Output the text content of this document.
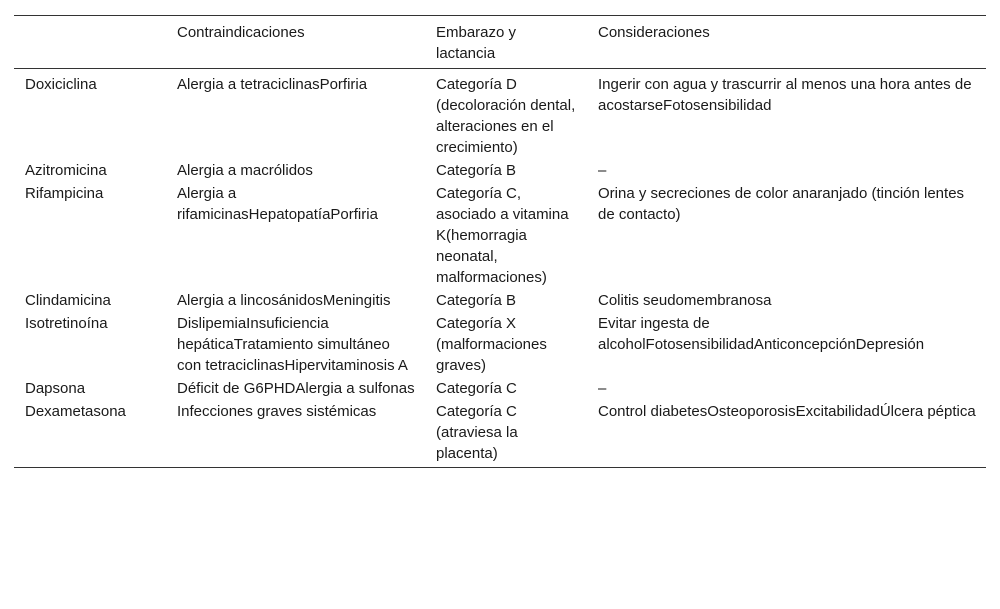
	Contraindicaciones	Embarazo y lactancia	Consideraciones
Doxiciclina	Alergia a tetraciclinasPorfiria	Categoría D (decoloración dental, alteraciones en el crecimiento)	Ingerir con agua y trascurrir al menos una hora antes de acostarseFotosensibilidad
Azitromicina	Alergia a macrólidos	Categoría B	–
Rifampicina	Alergia a rifamicinasHepatopatíaPorfiria	Categoría C, asociado a vitamina K(hemorragia neonatal, malformaciones)	Orina y secreciones de color anaranjado (tinción lentes de contacto)
Clindamicina	Alergia a lincosánidosMeningitis	Categoría B	Colitis seudomembranosa
Isotretinoína	DislipemiaInsuficiencia hepáticaTratamiento simultáneo con tetraciclinasHipervitaminosis A	Categoría X (malformaciones graves)	Evitar ingesta de alcoholFotosensibilidadAnticoncepciónDepresión
Dapsona	Déficit de G6PHDAlergia a sulfonas	Categoría C	–
Dexametasona	Infecciones graves sistémicas	Categoría C (atraviesa la placenta)	Control diabetesOsteoporosisExcitabilidadÚlcera péptica
